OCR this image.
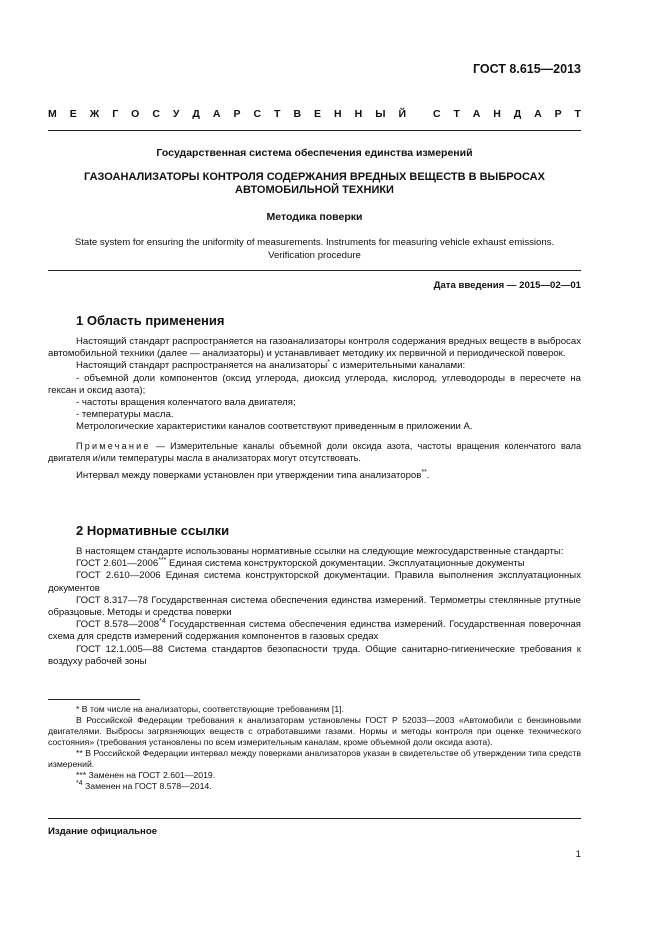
ГОСТ 8.615—2013
М Е Ж Г О С У Д А Р С Т В Е Н Н Ы Й	С Т А Н Д А Р Т
Государственная система обеспечения единства измерений
ГАЗОАНАЛИЗАТОРЫ КОНТРОЛЯ СОДЕРЖАНИЯ ВРЕДНЫХ ВЕЩЕСТВ В ВЫБРОСАХ
АВТОМОБИЛЬНОЙ ТЕХНИКИ
Методика поверки
State system for ensuring the uniformity of measurements. Instruments for measuring vehicle exhaust emissions.
Verification procedure
Дата введения — 2015—02—01
1 Область применения

Настоящий стандарт распространяется на газоанализаторы контроля содержания вредных веществ в выбросах автомобильной техники (далее — анализаторы) и устанавливает методику их первичной и периодической поверок.

Настоящий стандарт распространяется на анализаторы* с измерительными каналами:

- объемной доли компонентов (оксид углерода, диоксид углерода, кислород, углеводороды в пересчете на гексан и оксид азота);

- частоты вращения коленчатого вала двигателя;

- температуры масла.

Метрологические характеристики каналов соответствуют приведенным в приложении А.

Примечание — Измерительные каналы объемной доли оксида азота, частоты вращения коленчатого вала двигателя и/или температуры масла в анализаторах могут отсутствовать.

Интервал между поверками установлен при утверждении типа анализаторов**.

2 Нормативные ссылки

В настоящем стандарте использованы нормативные ссылки на следующие межгосударственные стандарты:

ГОСТ 2.601—2006*** Единая система конструкторской документации. Эксплуатационные документы

ГОСТ 2.610—2006 Единая система конструкторской документации. Правила выполнения эксплуатационных документов

ГОСТ 8.317—78 Государственная система обеспечения единства измерений. Термометры стеклянные ртутные образцовые. Методы и средства поверки

ГОСТ 8.578—2008$^{*4}$ Государственная система обеспечения единства измерений. Государственная поверочная схема для средств измерений содержания компонентов в газовых средах

ГОСТ 12.1.005—88 Система стандартов безопасности труда. Общие санитарно-гигиенические требования к воздуху рабочей зоны

* В том числе на анализаторы, соответствующие требованиям [1].

В Российской Федерации требования к анализаторам установлены ГОСТ Р 52033—2003 «Автомобили с бензиновыми двигателями. Выбросы загрязняющих веществ с отработавшими газами. Нормы и методы контроля при оценке технического состояния» (требования установлены по всем измерительным каналам, кроме объемной доли оксида азота).

** В Российской Федерации интервал между поверками анализаторов указан в свидетельстве об утверждении типа средств измерений.

*** Заменен на ГОСТ 2.601—2019.

$^{*4}$ Заменен на ГОСТ 8.578—2014.

Издание официальное
1
